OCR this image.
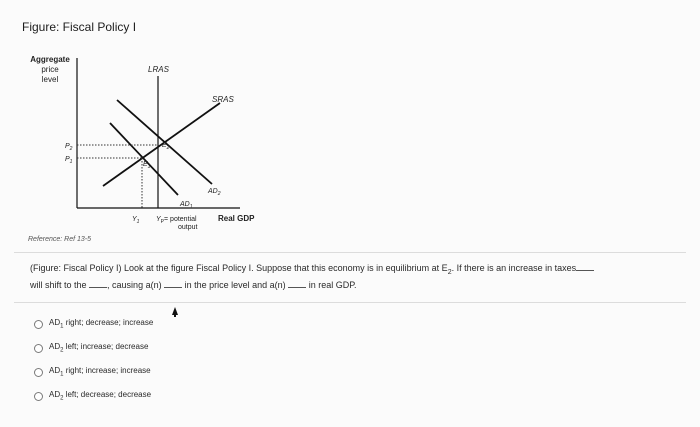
Figure: Fiscal Policy I
Aggregate
price
level
LRAS
SRAS
$AD_2$
$AD_1$
$P_2$
$P_1$
$E_2$
$E_1$
$Y_1$ $Y_P=$ potential
output
Real GDP
Reference: Ref 13-5
(Figure: Fiscal Policy I) Look at the figure Fiscal Policy I. Suppose that this economy is in equilibrium at $E_2$. If there is an increase in taxes
will shift to the , causing a(n)	in the price level and a(n)	in real GDP.
$AD_1$ right; decrease; increase
$AD_2$ left; increase; decrease
$AD_1$ right; increase; increase
$AD_2$ left; decrease; decrease
